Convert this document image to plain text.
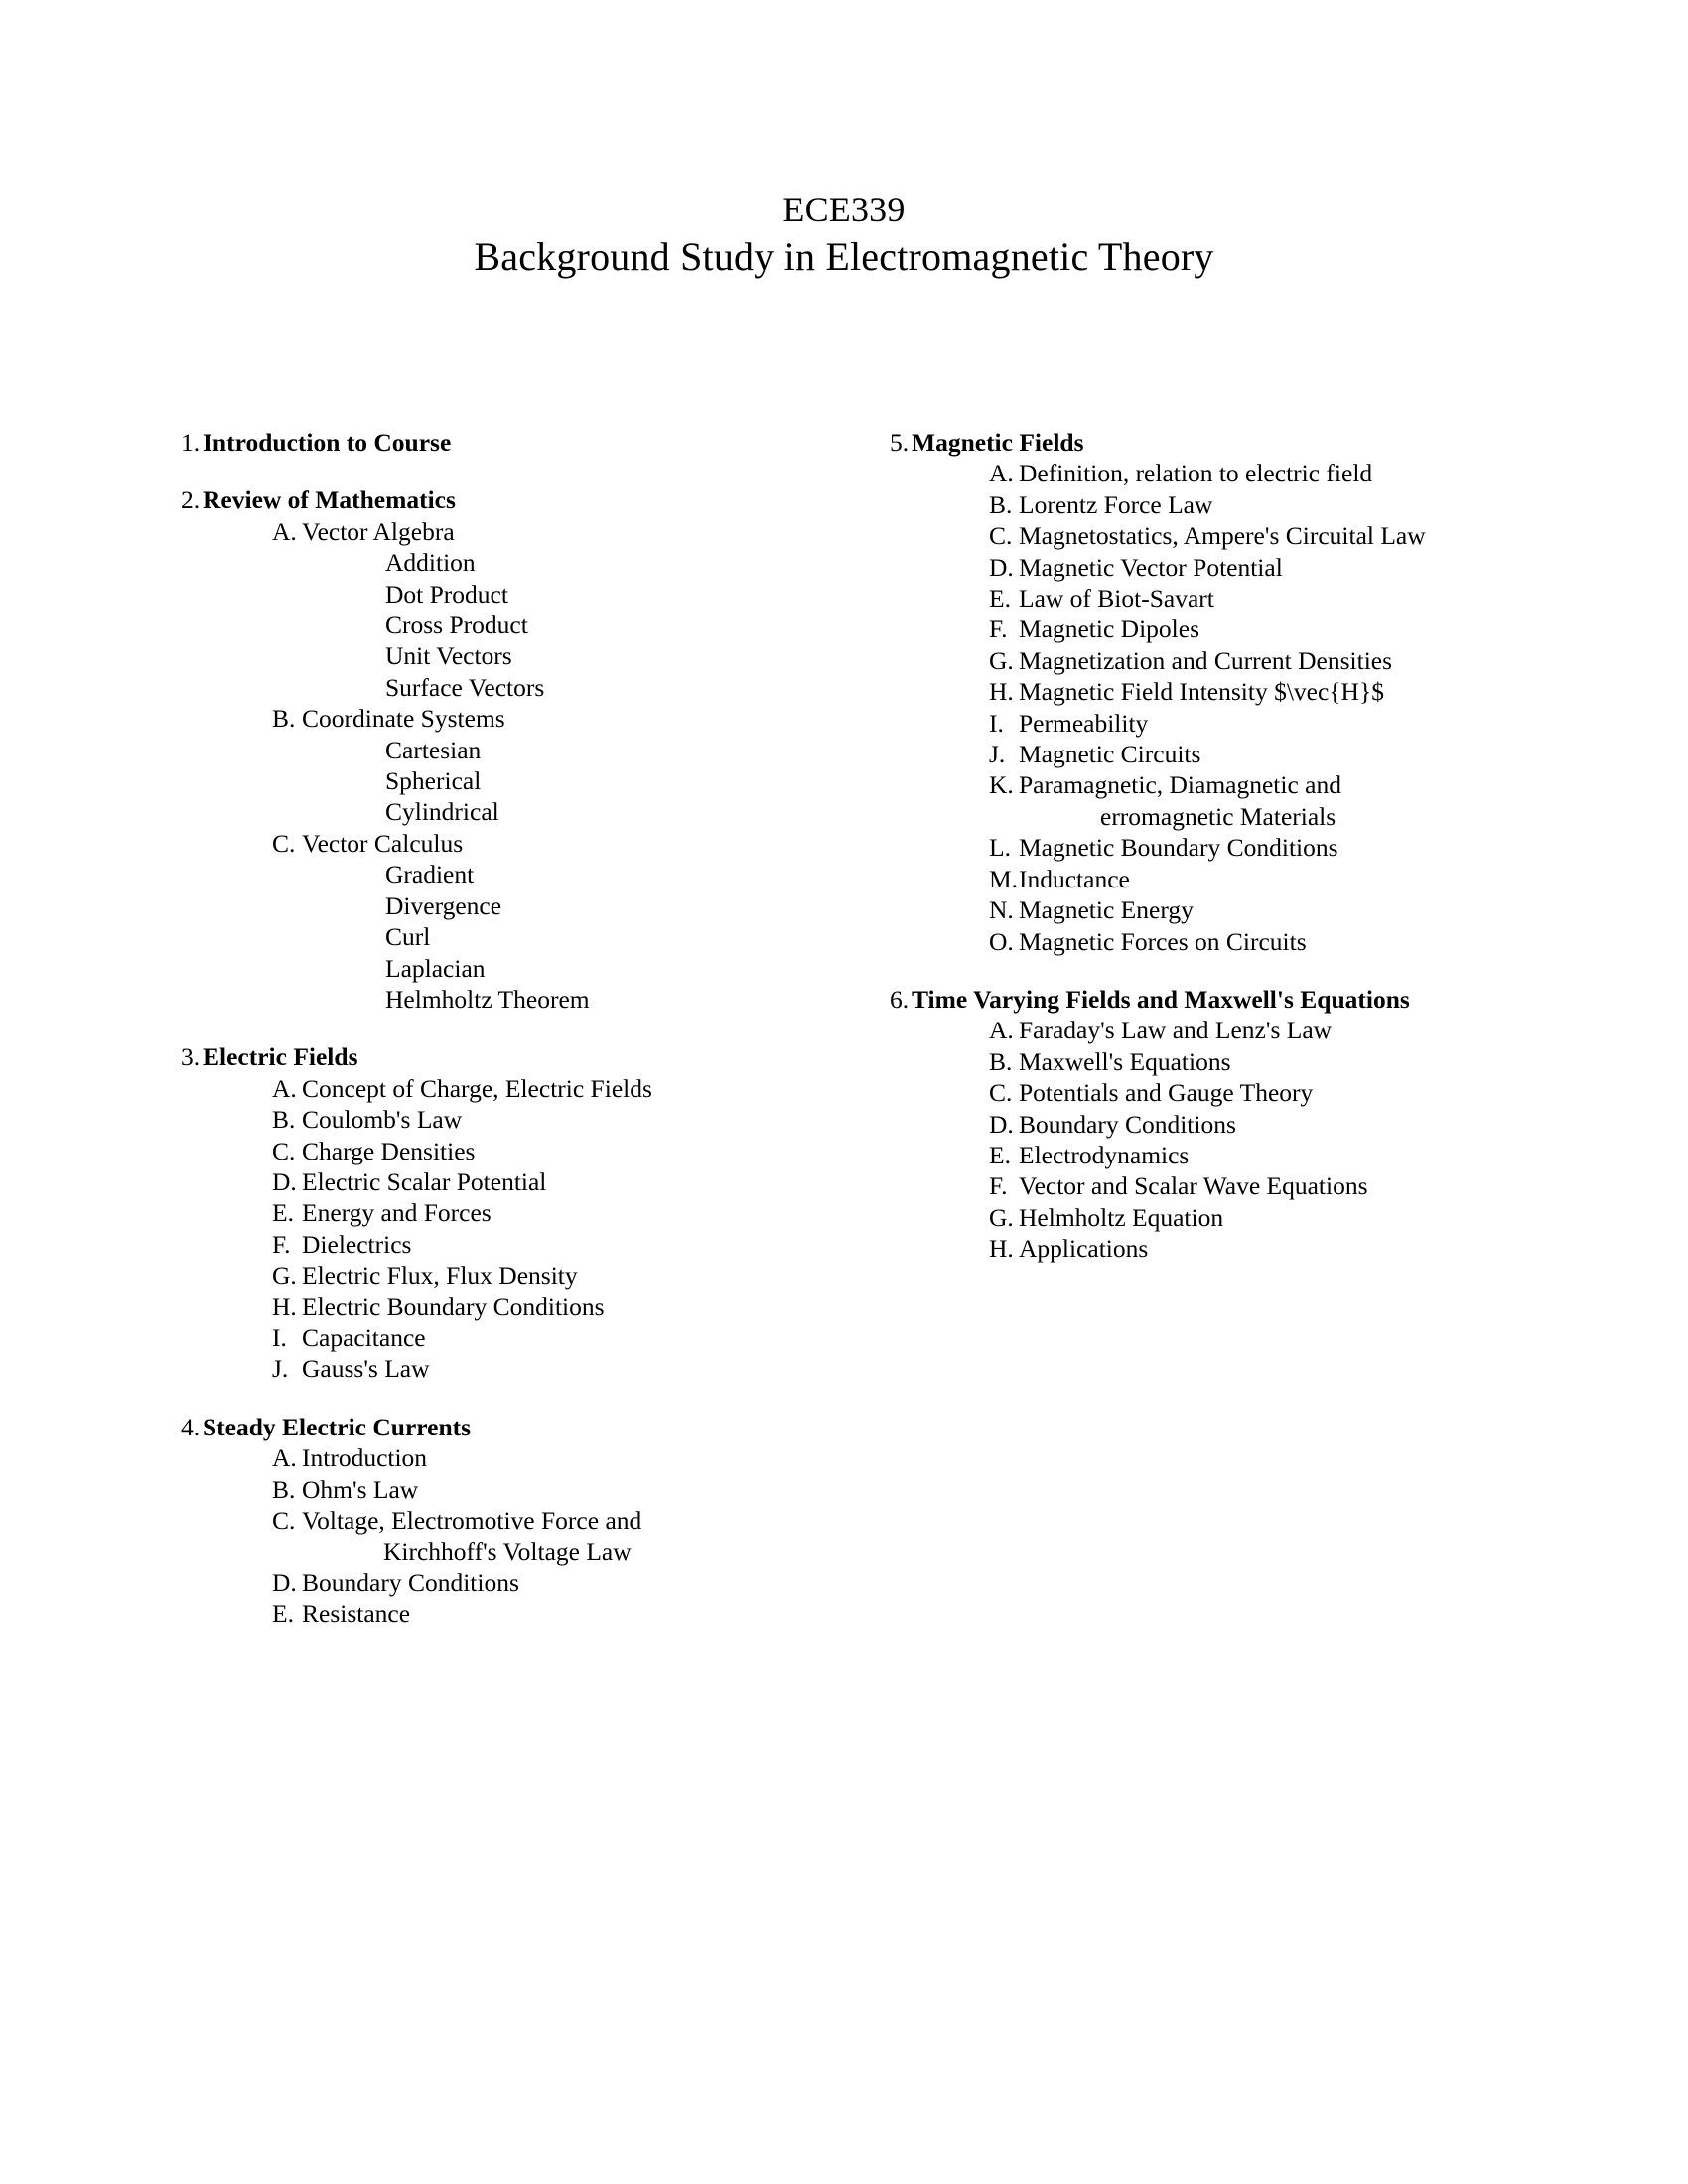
ECE339
Background Study in Electromagnetic Theory
1. Introduction to Course
2. Review of Mathematics
A. Vector Algebra
Addition
Dot Product
Cross Product
Unit Vectors
Surface Vectors
B. Coordinate Systems
Cartesian
Spherical
Cylindrical
C. Vector Calculus
Gradient
Divergence
Curl
Laplacian
Helmholtz Theorem
3. Electric Fields
A. Concept of Charge, Electric Fields
B. Coulomb's Law
C. Charge Densities
D. Electric Scalar Potential
E. Energy and Forces
F. Dielectrics
G. Electric Flux, Flux Density
H. Electric Boundary Conditions
I. Capacitance
J. Gauss's Law
4. Steady Electric Currents
A. Introduction
B. Ohm's Law
C. Voltage, Electromotive Force and
Kirchhoff's Voltage Law
D. Boundary Conditions
E. Resistance
5. Magnetic Fields
A. Definition, relation to electric field
B. Lorentz Force Law
C. Magnetostatics, Ampere's Circuital Law
D. Magnetic Vector Potential
E. Law of Biot-Savart
F. Magnetic Dipoles
G. Magnetization and Current Densities
H. Magnetic Field Intensity $\vec{H}$
I. Permeability
J. Magnetic Circuits
K. Paramagnetic, Diamagnetic and
erromagnetic Materials
L. Magnetic Boundary Conditions
M.Inductance
N. Magnetic Energy
O. Magnetic Forces on Circuits
6. Time Varying Fields and Maxwell's Equations
A. Faraday's Law and Lenz's Law
B. Maxwell's Equations
C. Potentials and Gauge Theory
D. Boundary Conditions
E. Electrodynamics
F. Vector and Scalar Wave Equations
G. Helmholtz Equation
H. Applications
